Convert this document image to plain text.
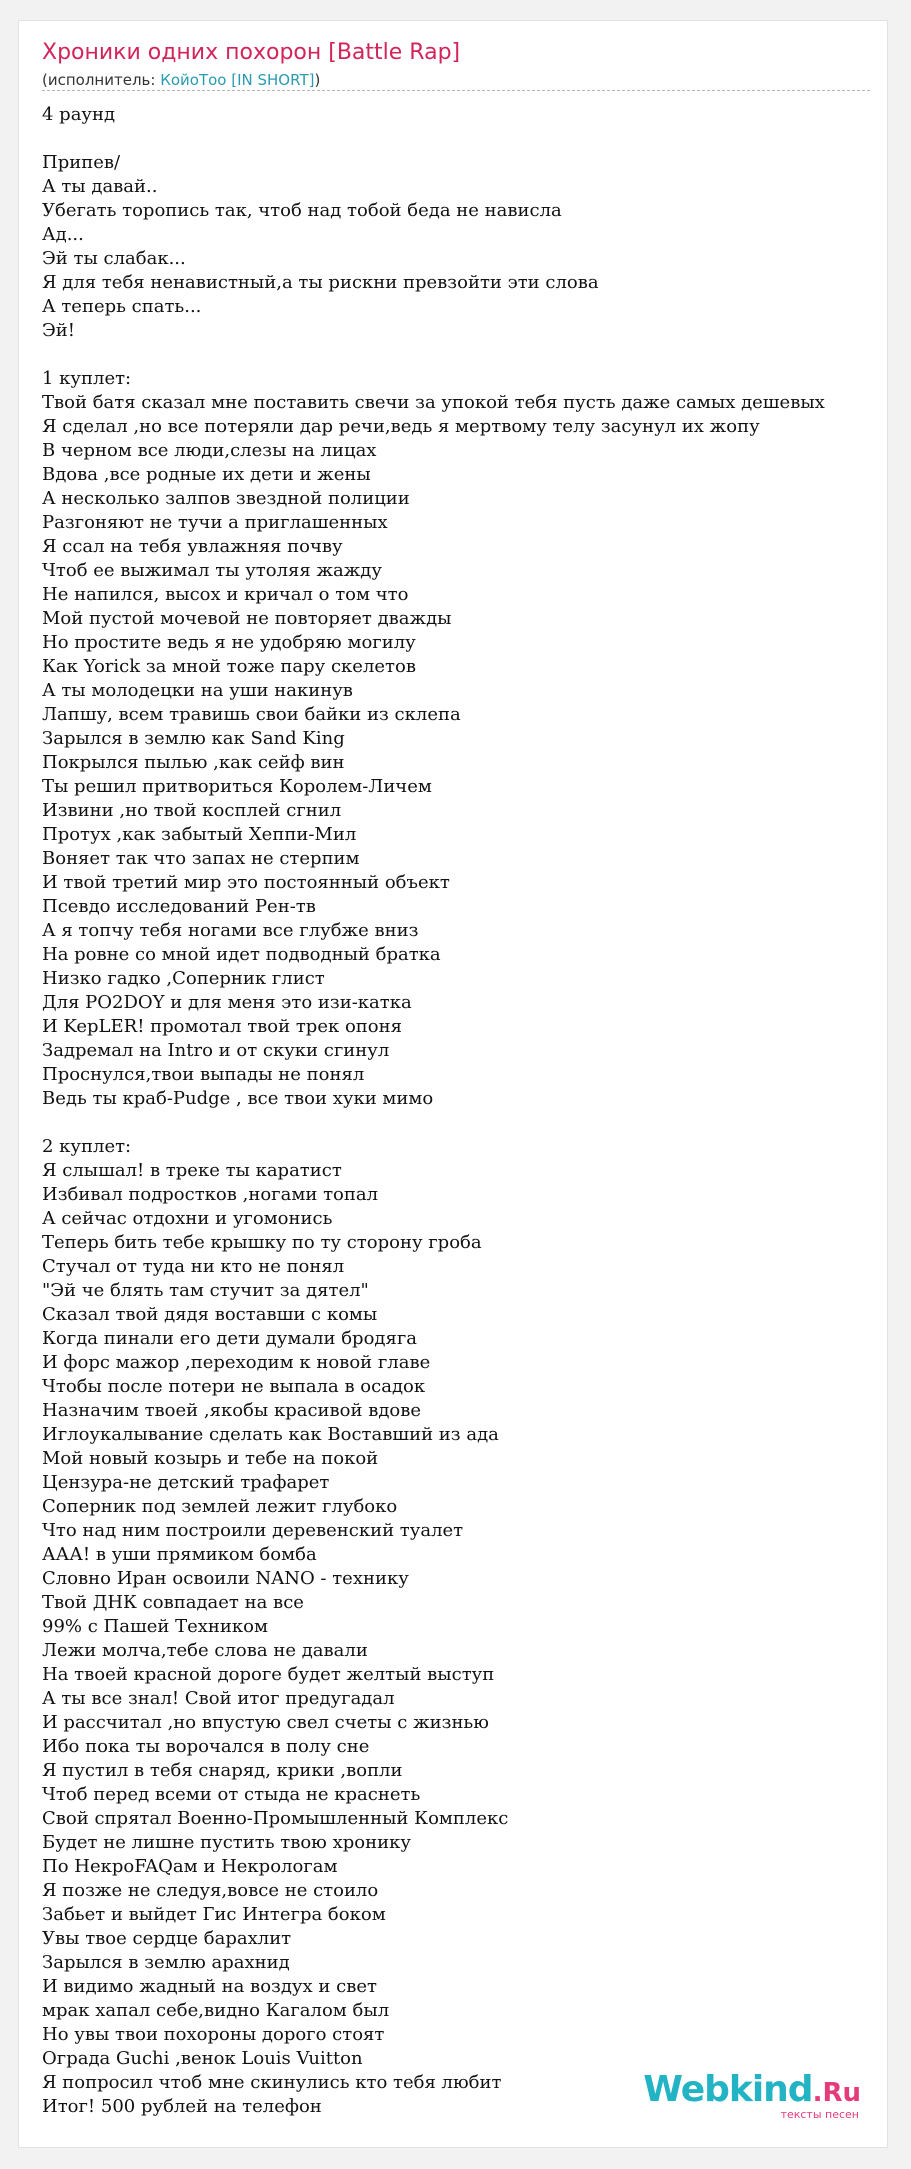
Хроники одних похорон [Battle Rap]
(исполнитель: КойоТоо [IN SHORT])
4 раунд
Припев/
А ты давай..
Убегать торопись так, чтоб над тобой беда не нависла
Ад...
Эй ты слабак...
Я для тебя ненавистный,а ты рискни превзойти эти слова
А теперь спать...
Эй!
1 куплет:
Твой батя сказал мне поставить свечи за упокой тебя пусть даже самых дешевых
Я сделал ,но все потеряли дар речи,ведь я мертвому телу засунул их жопу
В черном все люди,слезы на лицах
Вдова ,все родные их дети и жены
А несколько залпов звездной полиции
Разгоняют не тучи а приглашенных
Я ссал на тебя увлажняя почву
Чтоб ее выжимал ты утоляя жажду
Не напился, высох и кричал о том что
Мой пустой мочевой не повторяет дважды
Но простите ведь я не удобряю могилу
Как Yorick за мной тоже пару скелетов
А ты молодецки на уши накинув
Лапшу, всем травишь свои байки из склепа
Зарылся в землю как Sand King
Покрылся пылью ,как сейф вин
Ты решил притвориться Королем-Личем
Извини ,но твой косплей сгнил
Протух ,как забытый Хеппи-Мил
Воняет так что запах не стерпим
И твой третий мир это постоянный объект
Псевдо исследований Рен-тв
А я топчу тебя ногами все глубже вниз
На ровне со мной идет подводный братка
Низко гадко ,Соперник глист
Для PO2DOY и для меня это изи-катка
И KepLER! промотал твой трек опоня
Задремал на Intro и от скуки сгинул
Проснулся,твои выпады не понял
Ведь ты краб-Pudge , все твои хуки мимо
2 куплет:
Я слышал! в треке ты каратист
Избивал подростков ,ногами топал
А сейчас отдохни и угомонись
Теперь бить тебе крышку по ту сторону гроба
Стучал от туда ни кто не понял
"Эй че блять там стучит за дятел"
Сказал твой дядя воставши с комы
Когда пинали его дети думали бродяга
И форс мажор ,переходим к новой главе
Чтобы после потери не выпала в осадок
Назначим твоей ,якобы красивой вдове
Иглоукалывание сделать как Воставший из ада
Мой новый козырь и тебе на покой
Цензура-не детский трафарет
Соперник под землей лежит глубоко
Что над ним построили деревенский туалет
ААА! в уши прямиком бомба
Словно Иран освоили NANO - технику
Твой ДНК совпадает на все
99% с Пашей Техником
Лежи молча,тебе слова не давали
На твоей красной дороге будет желтый выступ
А ты все знал! Свой итог предугадал
И рассчитал ,но впустую свел счеты с жизнью
Ибо пока ты ворочался в полу сне
Я пустил в тебя снаряд, крики ,вопли
Чтоб перед всеми от стыда не краснеть
Свой спрятал Военно-Промышленный Комплекс
Будет не лишне пустить твою хронику
По НекроFAQам и Некрологам
Я позже не следуя,вовсе не стоило
Забьет и выйдет Гис Интегра боком
Увы твое сердце барахлит
Зарылся в землю арахнид
И видимо жадный на воздух и свет
мрак хапал себе,видно Кагалом был
Но увы твои похороны дорого стоят
Ограда Guchi ,венок Louis Vuitton
Я попросил чтоб мне скинулись кто тебя любит
Итог! 500 рублей на телефон	Webkind.Ru
тексты песен
